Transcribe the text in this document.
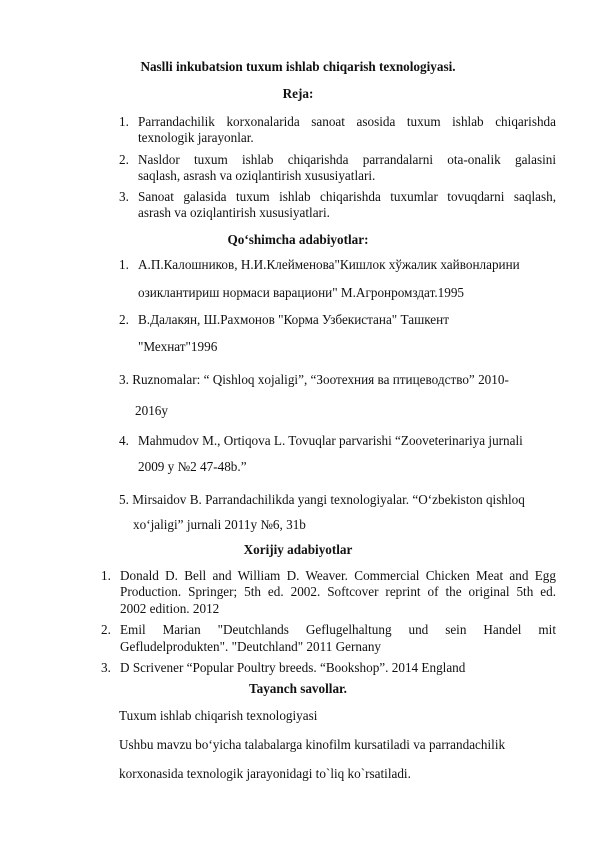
Naslli inkubatsion tuxum ishlab chiqarish texnologiyasi.
Reja:
1. Parrandachilik korxonalarida sanoat asosida tuxum ishlab chiqarishda
texnologik jarayonlar.
2. Nasldor tuxum ishlab chiqarishda parrandalarni ota-onalik galasini
saqlash, asrash va oziqlantirish xususiyatlari.
3. Sanoat galasida tuxum ishlab chiqarishda tuxumlar tovuqdarni saqlash,
asrash va oziqlantirish xususiyatlari.
Qo‘shimcha adabiyotlar:
1. А.П.Калошников, Н.И.Клейменова"Кишлок хўжалик хайвонларини
озиклантириш нормаси варациони" М.Агронромздат.1995
2. В.Далакян, Ш.Рахмонов "Корма Узбекистана" Ташкент
"Мехнат"1996
3. Ruznomalar: “ Qishloq xojaligi”, “Зоотехния ва птицеводство” 2010-
2016y
4. Mahmudov M., Ortiqova L. Tovuqlar parvarishi “Zooveterinariya jurnali
2009 y №2 47-48b.”
5. Mirsaidov B. Parrandachilikda yangi texnologiyalar. “O‘zbekiston qishloq
xo‘jaligi” jurnali 2011y №6, 31b
Xorijiy adabiyotlar
1. Donald D. Bell and William D. Weaver. Commercial Chicken Meat and Egg
Production. Springer; 5th ed. 2002. Softcover reprint of the original 5th ed.
2002 edition. 2012
2. Emil Marian "Deutchlands Geflugelhaltung und sein Handel mit
Gefludelprodukten". "Deutchland" 2011 Gernany
3. D Scrivener “Popular Poultry breeds. “Bookshop”. 2014 England
Tayanch savollar.
Tuxum ishlab chiqarish texnologiyasi
Ushbu mavzu bo‘yicha talabalarga kinofilm kursatiladi va parrandachilik
korxonasida texnologik jarayonidagi to`liq ko`rsatiladi.
